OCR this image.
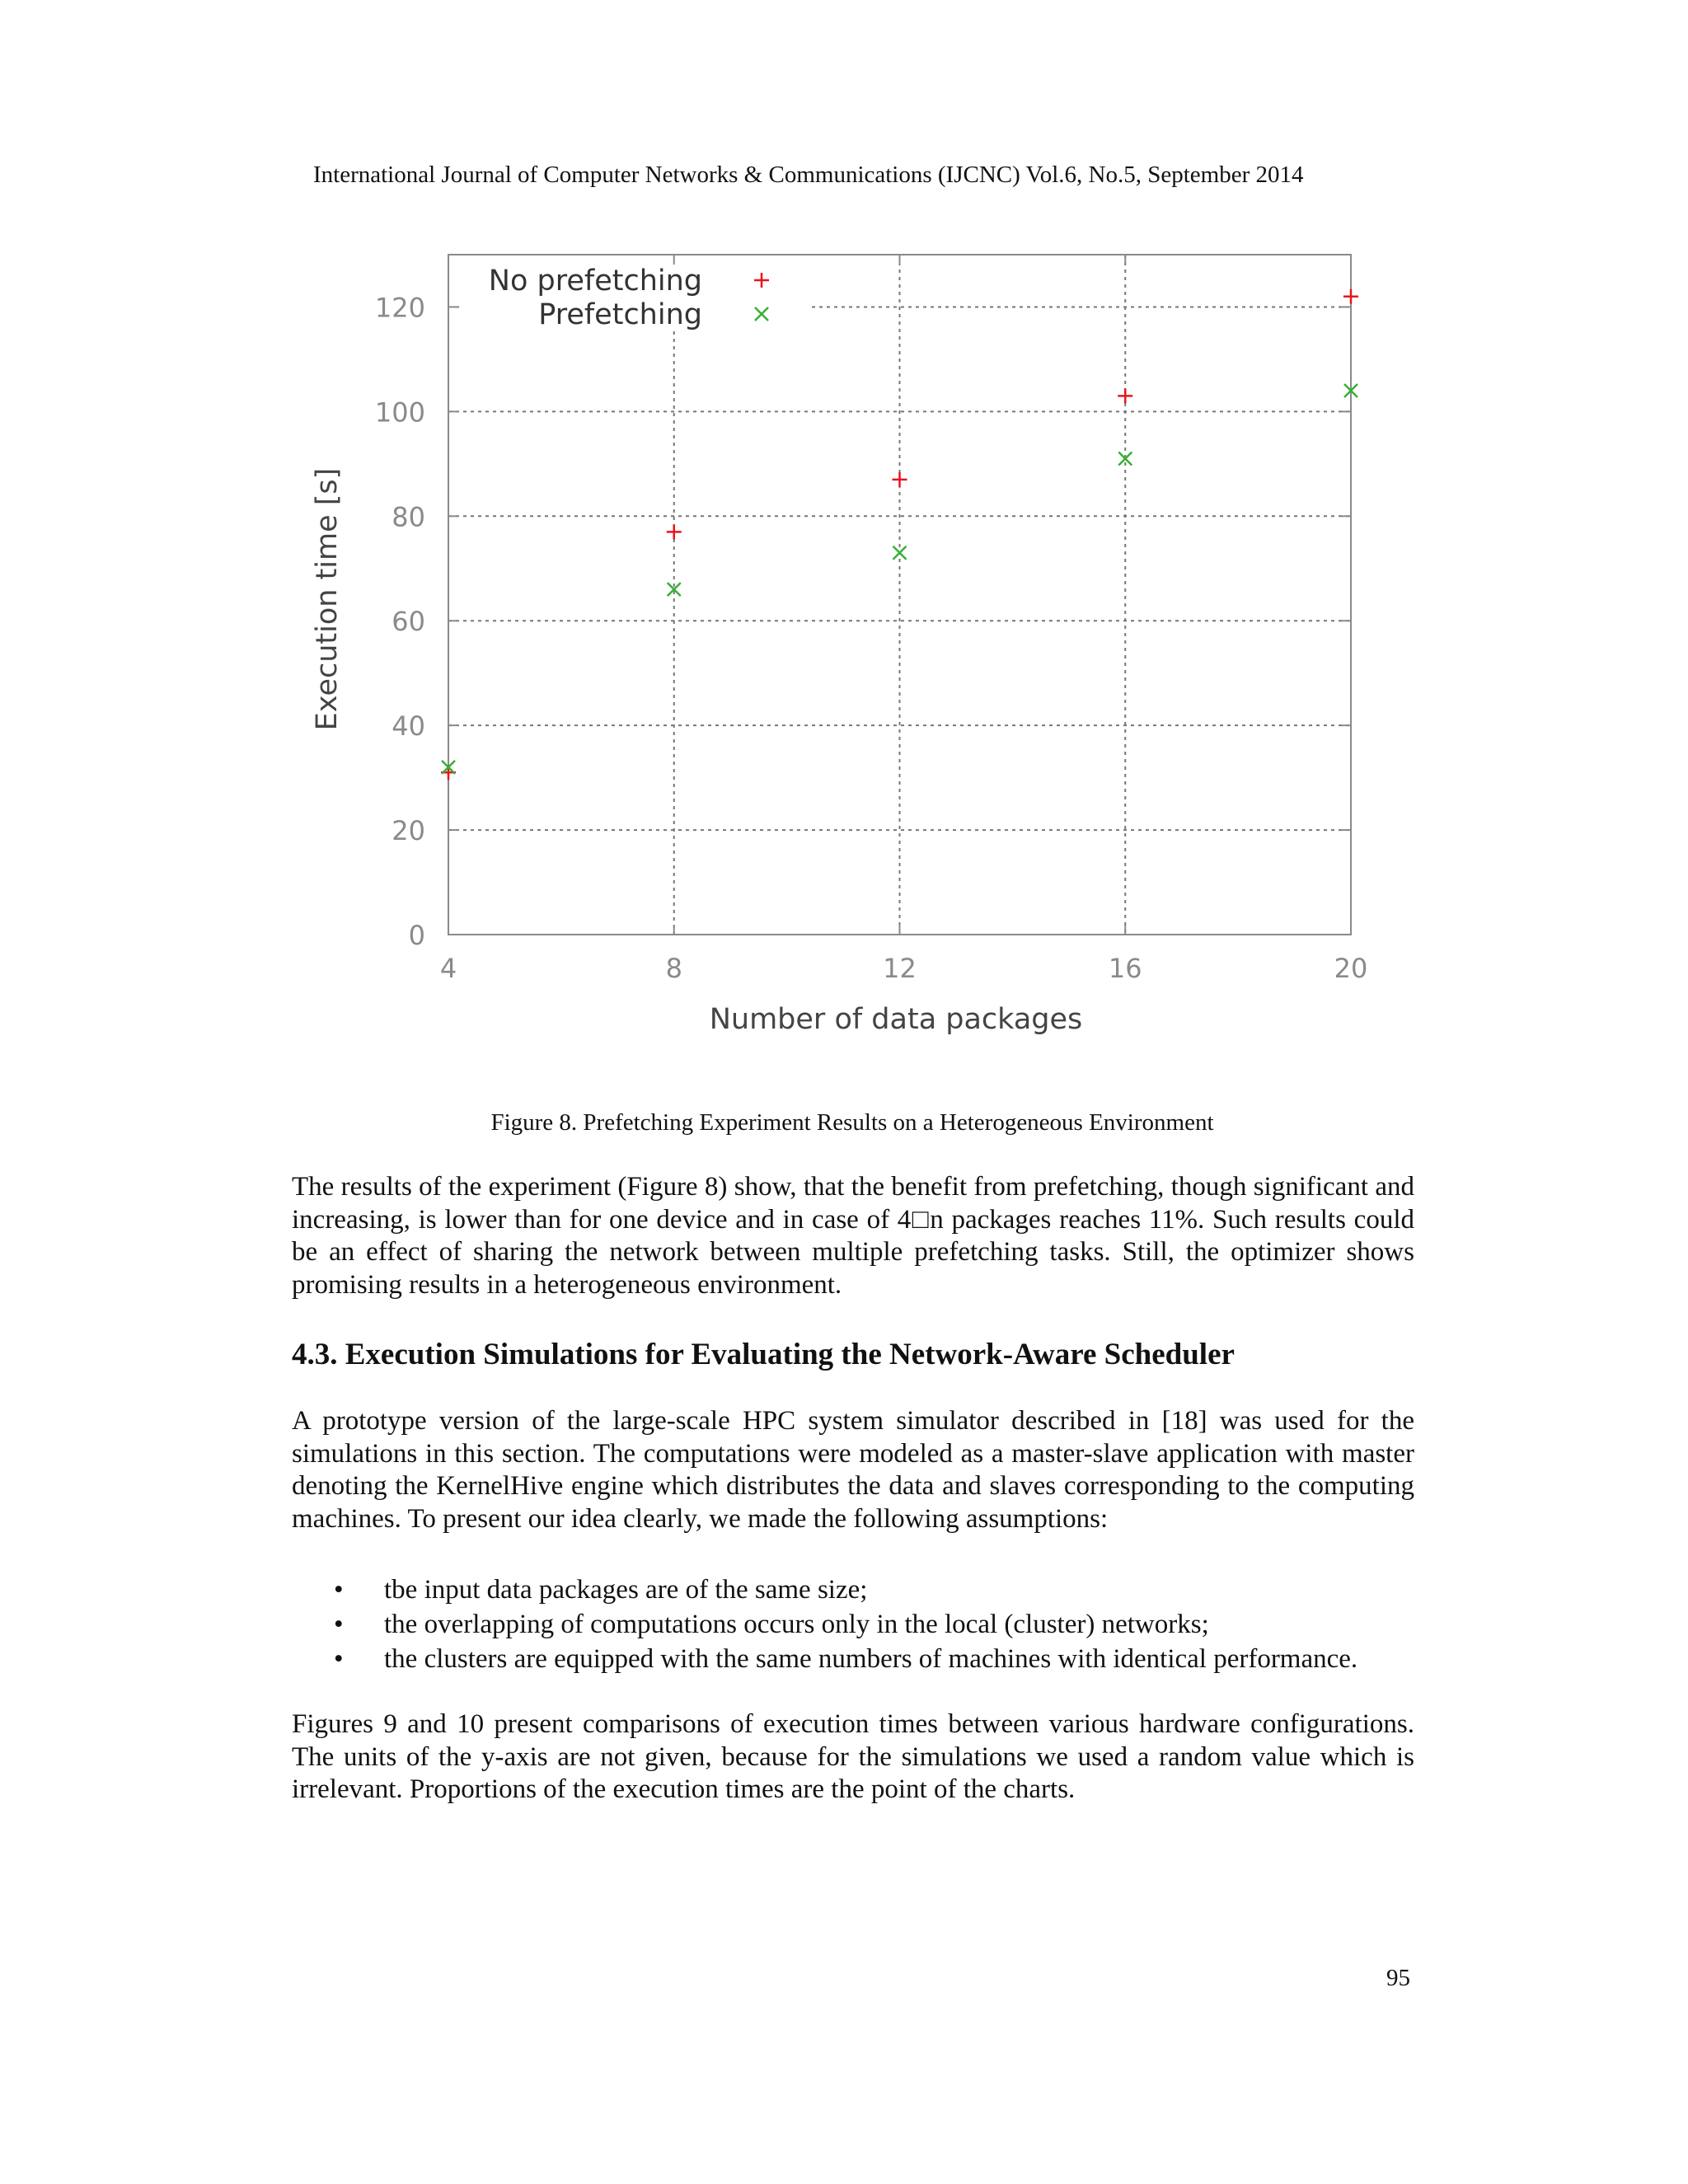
International Journal of Computer Networks & Communications (IJCNC) Vol.6, No.5, September 2014
0
20
40
60
80
100
120
4	8	12	16	20
No prefetching
Prefetching
Number of data packages
Execution time [s]
Figure 8. Prefetching Experiment Results on a Heterogeneous Environment
The results of the experiment (Figure 8) show, that the benefit from prefetching, though significant and increasing, is lower than for one device and in case of 4□n packages reaches 11%. Such results could be an effect of sharing the network between multiple prefetching tasks. Still, the optimizer shows promising results in a heterogeneous environment.
4.3. Execution Simulations for Evaluating the Network-Aware Scheduler
A prototype version of the large-scale HPC system simulator described in [18] was used for the simulations in this section. The computations were modeled as a master-slave application with master denoting the KernelHive engine which distributes the data and slaves corresponding to the computing machines. To present our idea clearly, we made the following assumptions:
• tbe input data packages are of the same size;
• the overlapping of computations occurs only in the local (cluster) networks;
• the clusters are equipped with the same numbers of machines with identical performance.
Figures 9 and 10 present comparisons of execution times between various hardware configurations. The units of the y-axis are not given, because for the simulations we used a random value which is irrelevant. Proportions of the execution times are the point of the charts.
95
